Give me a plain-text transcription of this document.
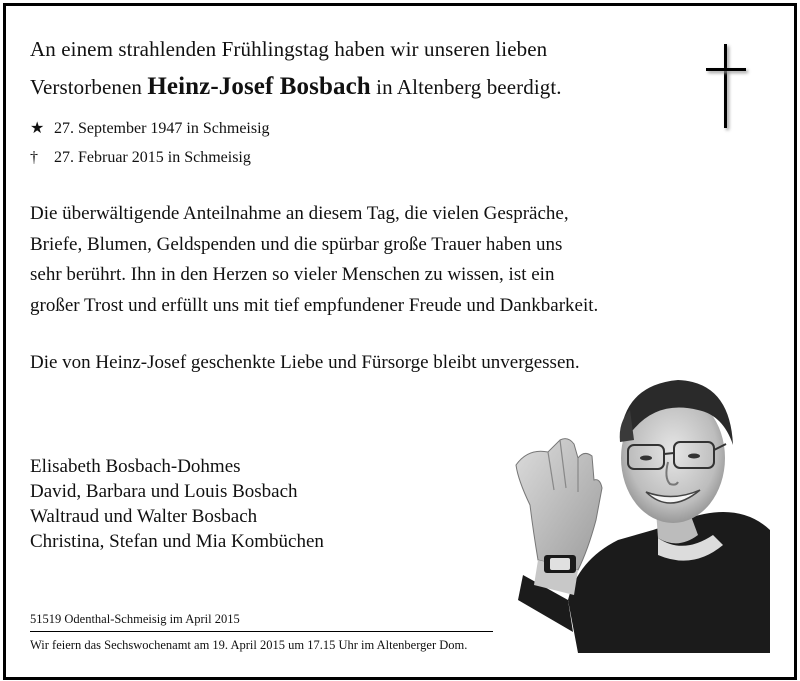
An einem strahlenden Frühlingstag haben wir unseren lieben
Verstorbenen Heinz-Josef Bosbach in Altenberg beerdigt.
★ 27. September 1947 in Schmeisig
† 27. Februar 2015 in Schmeisig

Die überwältigende Anteilnahme an diesem Tag, die vielen Gespräche,
Briefe, Blumen, Geldspenden und die spürbar große Trauer haben uns
sehr berührt. Ihn in den Herzen so vieler Menschen zu wissen, ist ein
großer Trost und erfüllt uns mit tief empfundener Freude und Dankbarkeit.

Die von Heinz-Josef geschenkte Liebe und Fürsorge bleibt unvergessen.

Elisabeth Bosbach-Dohmes
David, Barbara und Louis Bosbach
Waltraud und Walter Bosbach
Christina, Stefan und Mia Kombüchen
51519 Odenthal-Schmeisig im April 2015
Wir feiern das Sechswochenamt am 19. April 2015 um 17.15 Uhr im Altenberger Dom.
